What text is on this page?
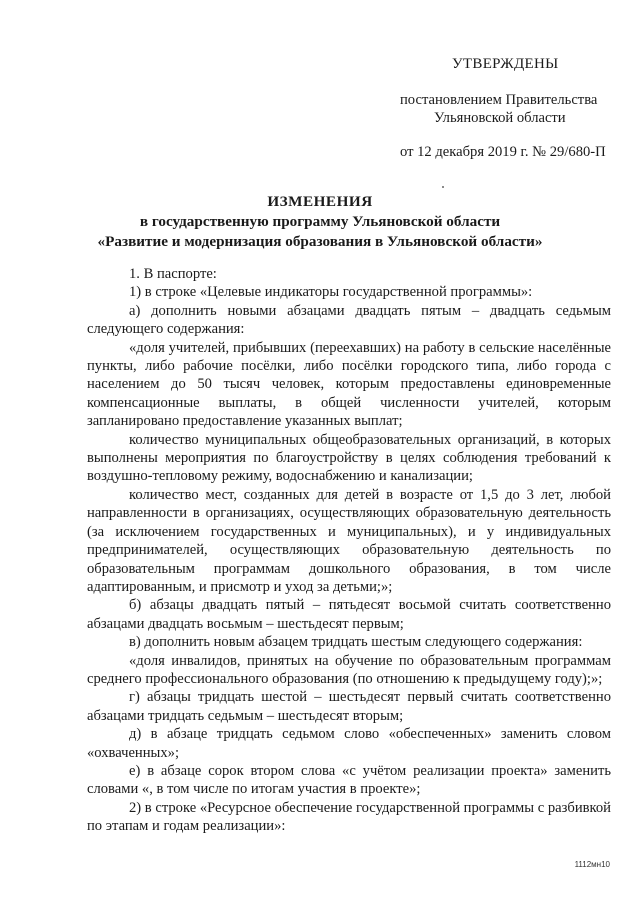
УТВЕРЖДЕНЫ
постановлением Правительства
Ульяновской области
от 12 декабря 2019 г. № 29/680-П
ИЗМЕНЕНИЯ
в государственную программу Ульяновской области
«Развитие и модернизация образования в Ульяновской области»

1. В паспорте:

1) в строке «Целевые индикаторы государственной программы»:

а) дополнить новыми абзацами двадцать пятым – двадцать седьмым следующего содержания:

«доля учителей, прибывших (переехавших) на работу в сельские населённые пункты, либо рабочие посёлки, либо посёлки городского типа, либо города с населением до 50 тысяч человек, которым предоставлены единовременные компенсационные выплаты, в общей численности учителей, которым запланировано предоставление указанных выплат;

количество муниципальных общеобразовательных организаций, в которых выполнены мероприятия по благоустройству в целях соблюдения требований к воздушно-тепловому режиму, водоснабжению и канализации;

количество мест, созданных для детей в возрасте от 1,5 до 3 лет, любой направленности в организациях, осуществляющих образовательную деятельность (за исключением государственных и муниципальных), и у индивидуальных предпринимателей, осуществляющих образовательную деятельность по образовательным программам дошкольного образования, в том числе адаптированным, и присмотр и уход за детьми;»;

б) абзацы двадцать пятый – пятьдесят восьмой считать соответственно абзацами двадцать восьмым – шестьдесят первым;

в) дополнить новым абзацем тридцать шестым следующего содержания:

«доля инвалидов, принятых на обучение по образовательным программам среднего профессионального образования (по отношению к предыдущему году);»;

г) абзацы тридцать шестой – шестьдесят первый считать соответственно абзацами тридцать седьмым – шестьдесят вторым;

д) в абзаце тридцать седьмом слово «обеспеченных» заменить словом «охваченных»;

е) в абзаце сорок втором слова «с учётом реализации проекта» заменить словами «, в том числе по итогам участия в проекте»;

2) в строке «Ресурсное обеспечение государственной программы с разбивкой по этапам и годам реализации»:

1112мн10
